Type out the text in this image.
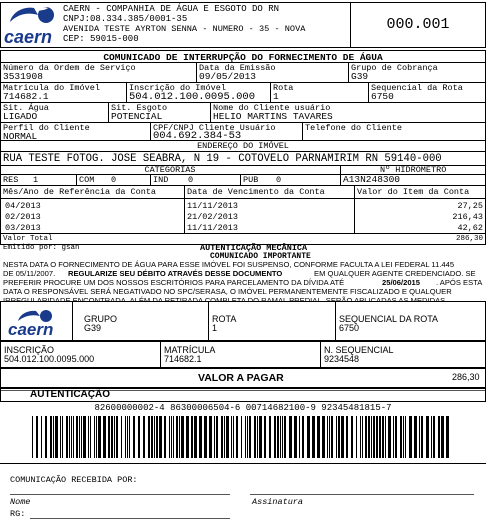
caern
CAERN - COMPANHIA DE ÁGUA E ESGOTO DO RN
CNPJ:08.334.385/0001-35
AVENIDA TESTE AYRTON SENNA - NUMERO - 35 - NOVA
CEP: 59015-000
000.001
COMUNICADO DE INTERRUPÇÃO DO FORNECIMENTO DE ÁGUA
Número da Ordem de Serviço
3531908
Data da Emissão
09/05/2013
Grupo de Cobrança
G39
Matricula do Imóvel
714682.1
Inscrição do Imóvel
504.012.100.0095.000
Rota
1
Sequencial da Rota
6750
Sit. Água
LIGADO
Sit. Esgoto
POTENCIAL
Nome do Cliente usuário
HELIO MARTINS TAVARES
Perfil do Cliente
NORMAL
CPF/CNPJ Cliente Usuário
004.692.384-53
Telefone do Cliente
ENDEREÇO DO IMÓVEL
RUA TESTE FOTOG. JOSE SEABRA, N 19 - COTOVELO PARNAMIRIM RN 59140-000
CATEGORIAS	Nº HIDROMETRO
RES 1	COM 0	IND 0	PUB 0	A13N248300
Mês/Ano de Referência da Conta	Data de Vencimento da Conta	Valor do Item da Conta
04/2013	11/11/2013	27,25
02/2013	21/02/2013	216,43
03/2013	11/11/2013	42,62
Valor Total	286,30
Emitido por: gsan	AUTENTICAÇÃO MECÂNICA
COMUNICADO IMPORTANTE
NESTA DATA O FORNECIMENTO DE ÁGUA PARA ESSE IMÓVEL FOI SUSPENSO, CONFORME FACULTA A LEI FEDERAL 11.445
DE 05/11/2007. REGULARIZE SEU DÉBITO ATRAVÉS DESSE DOCUMENTO	EM QUALQUER AGENTE CREDENCIADO. SE
PREFERIR PROCURE UM DOS NOSSOS ESCRITÓRIOS PARA PARCELAMENTO DA DÍVIDA ATÉ	25/06/2015 . APÓS ESTA
DATA O RESPONSÁVEL SERÁ NEGATIVADO NO SPC/SERASA, O IMÓVEL PERMANENTEMENTE FISCALIZADO E QUALQUER
caern
GRUPO
G39
ROTA
1
SEQUENCIAL DA ROTA
6750
INSCRIÇÃO
504.012.100.0095.000
MATRÍCULA
714682.1
N. SEQUENCIAL
9234548
VALOR A PAGAR	286,30
AUTENTICAÇÃO
82600000002-4 86300006504-6 00714682100-9 92345481815-7
COMUNICAÇÃO RECEBIDA POR:
Nome	Assinatura
RG:
